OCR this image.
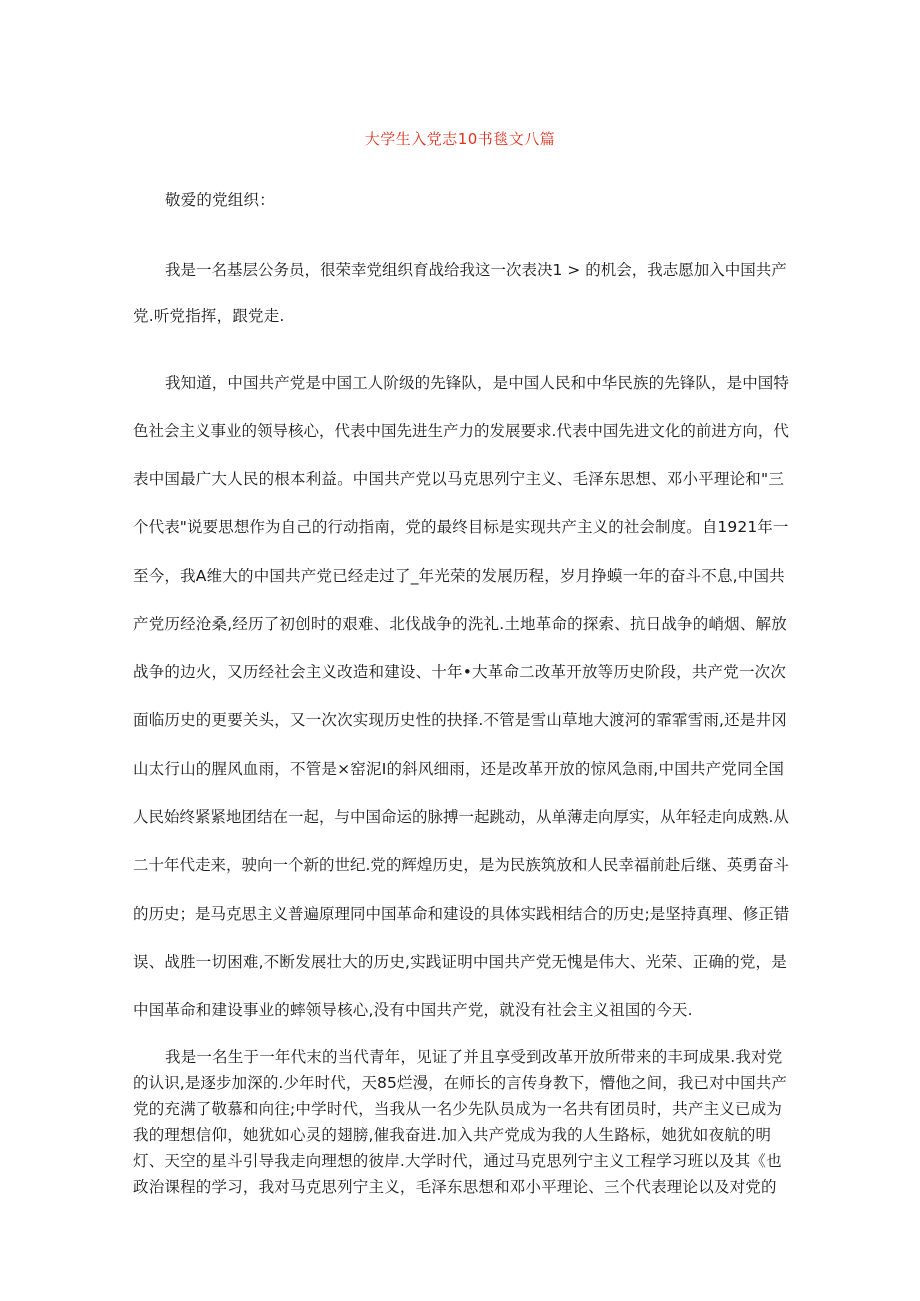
大学生入党志10书毯文八篇
敬爱的党组织：
我是一名基层公务员，很荣幸党组织育战给我这一次表决1 > 的机会，我志愿加入中国共产
党.听党指挥，跟党走.
我知道，中国共产党是中国工人阶级的先锋队，是中国人民和中华民族的先锋队，是中国特
色社会主义事业的领导核心，代表中国先进生产力的发展要求.代表中国先进文化的前进方向，代
表中国最广大人民的根本利益。中国共产党以马克思列宁主义、毛泽东思想、邓小平理论和"三
个代表"说要思想作为自己的行动指南，党的最终目标是实现共产主义的社会制度。自1921年一
至今，我A维大的中国共产党已经走过了_年光荣的发展历程，岁月挣蟆一年的奋斗不息,中国共
产党历经沧桑,经历了初创时的艰难、北伐战争的洗礼.土地革命的探索、抗日战争的峭烟、解放
战争的边火，又历经社会主义改造和建设、十年•大革命二改革开放等历史阶段，共产党一次次
面临历史的更要关头，又一次次实现历史性的抉择.不管是雪山草地大渡河的霏霏雪雨,还是井冈
山太行山的腥风血雨，不管是×窑泥I的斜风细雨，还是改革开放的惊风急雨,中国共产党同全国
人民始终紧紧地团结在一起，与中国命运的脉搏一起跳动，从单薄走向厚实，从年轻走向成熟.从
二十年代走来，驶向一个新的世纪.党的辉煌历史，是为民族筑放和人民幸福前赴后继、英勇奋斗
的历史；是马克思主义普遍原理同中国革命和建设的具体实践相结合的历史;是坚持真理、修正错
误、战胜一切困难,不断发展壮大的历史,实践证明中国共产党无愧是伟大、光荣、正确的党，是
中国革命和建设事业的蟀领导核心,没有中国共产党，就没有社会主义祖国的今天.
我是一名生于一年代末的当代青年，见证了并且享受到改革开放所带来的丰珂成果.我对党
的认识,是逐步加深的.少年时代，天85烂漫，在师长的言传身教下，懵他之间，我已对中国共产
党的充满了敬慕和向往;中学时代，当我从一名少先队员成为一名共有团员时，共产主义已成为
我的理想信仰，她犹如心灵的翅膀,催我奋进.加入共产党成为我的人生路标，她犹如夜航的明
灯、天空的星斗引导我走向理想的彼岸.大学时代，通过马克思列宁主义工程学习班以及其《也
政治课程的学习，我对马克思列宁主义，毛泽东思想和邓小平理论、三个代表理论以及对党的
